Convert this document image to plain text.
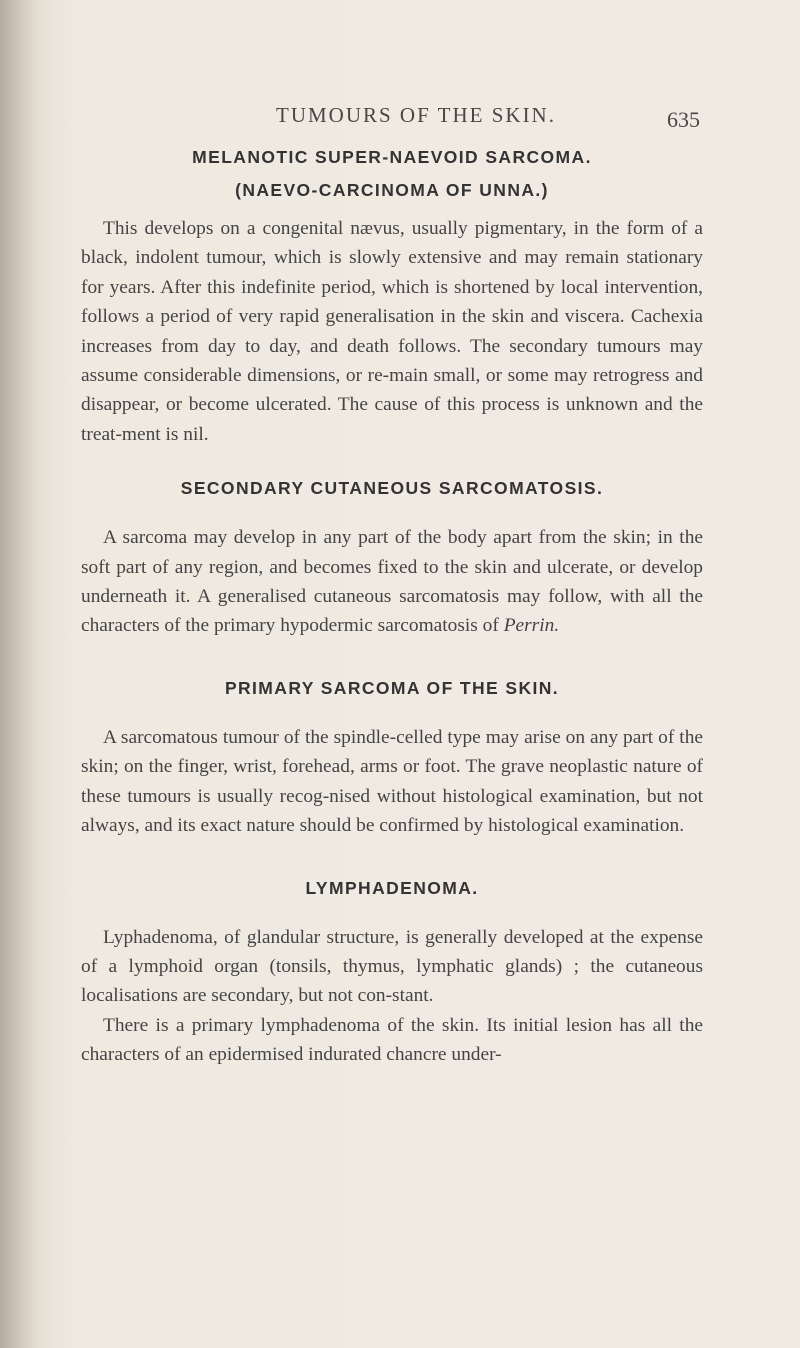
TUMOURS OF THE SKIN.	635
MELANOTIC SUPER-NAEVOID SARCOMA.
(NAEVO-CARCINOMA OF UNNA.)

This develops on a congenital nævus, usually pigmentary, in the form of a black, indolent tumour, which is slowly extensive and may remain stationary for years. After this indefinite period, which is shortened by local intervention, follows a period of very rapid generalisation in the skin and viscera. Cachexia increases from day to day, and death follows. The secondary tumours may assume considerable dimensions, or re-main small, or some may retrogress and disappear, or become ulcerated. The cause of this process is unknown and the treat-ment is nil.

SECONDARY CUTANEOUS SARCOMATOSIS.

A sarcoma may develop in any part of the body apart from the skin; in the soft part of any region, and becomes fixed to the skin and ulcerate, or develop underneath it. A generalised cutaneous sarcomatosis may follow, with all the characters of the primary hypodermic sarcomatosis of Perrin.

PRIMARY SARCOMA OF THE SKIN.

A sarcomatous tumour of the spindle-celled type may arise on any part of the skin; on the finger, wrist, forehead, arms or foot. The grave neoplastic nature of these tumours is usually recog-nised without histological examination, but not always, and its exact nature should be confirmed by histological examination.

LYMPHADENOMA.

Lyphadenoma, of glandular structure, is generally developed at the expense of a lymphoid organ (tonsils, thymus, lymphatic glands) ; the cutaneous localisations are secondary, but not con-stant.

There is a primary lymphadenoma of the skin. Its initial lesion has all the characters of an epidermised indurated chancre under-
